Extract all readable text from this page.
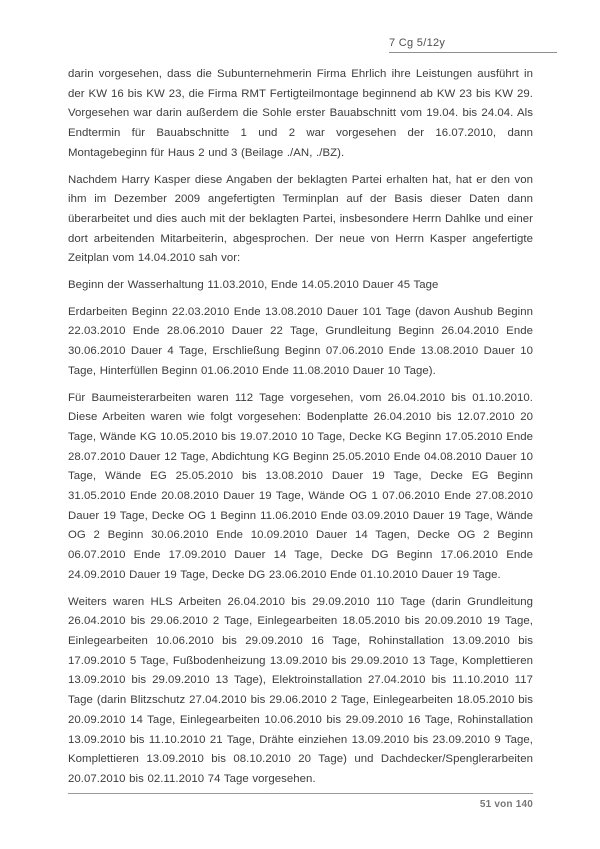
7 Cg 5/12y

darin vorgesehen, dass die Subunternehmerin Firma Ehrlich ihre Leistungen ausführt in der KW 16 bis KW 23, die Firma RMT Fertigteilmontage beginnend ab KW 23 bis KW 29. Vorgesehen war darin außerdem die Sohle erster Bauabschnitt vom 19.04. bis 24.04. Als Endtermin für Bauabschnitte 1 und 2 war vorgesehen der 16.07.2010, dann Montagebeginn für Haus 2 und 3 (Beilage ./AN, ./BZ).

Nachdem Harry Kasper diese Angaben der beklagten Partei erhalten hat, hat er den von ihm im Dezember 2009 angefertigten Terminplan auf der Basis dieser Daten dann überarbeitet und dies auch mit der beklagten Partei, insbesondere Herrn Dahlke und einer dort arbeitenden Mitarbeiterin, abgesprochen. Der neue von Herrn Kasper angefertigte Zeitplan vom 14.04.2010 sah vor:

Beginn der Wasserhaltung 11.03.2010, Ende 14.05.2010 Dauer 45 Tage

Erdarbeiten Beginn 22.03.2010 Ende 13.08.2010 Dauer 101 Tage (davon Aushub Beginn 22.03.2010 Ende 28.06.2010 Dauer 22 Tage, Grundleitung Beginn 26.04.2010 Ende 30.06.2010 Dauer 4 Tage, Erschließung Beginn 07.06.2010 Ende 13.08.2010 Dauer 10 Tage, Hinterfüllen Beginn 01.06.2010 Ende 11.08.2010 Dauer 10 Tage).

Für Baumeisterarbeiten waren 112 Tage vorgesehen, vom 26.04.2010 bis 01.10.2010. Diese Arbeiten waren wie folgt vorgesehen: Bodenplatte 26.04.2010 bis 12.07.2010 20 Tage, Wände KG 10.05.2010 bis 19.07.2010 10 Tage, Decke KG Beginn 17.05.2010 Ende 28.07.2010 Dauer 12 Tage, Abdichtung KG Beginn 25.05.2010 Ende 04.08.2010 Dauer 10 Tage, Wände EG 25.05.2010 bis 13.08.2010 Dauer 19 Tage, Decke EG Beginn 31.05.2010 Ende 20.08.2010 Dauer 19 Tage, Wände OG 1 07.06.2010 Ende 27.08.2010 Dauer 19 Tage, Decke OG 1 Beginn 11.06.2010 Ende 03.09.2010 Dauer 19 Tage, Wände OG 2 Beginn 30.06.2010 Ende 10.09.2010 Dauer 14 Tagen, Decke OG 2 Beginn 06.07.2010 Ende 17.09.2010 Dauer 14 Tage, Decke DG Beginn 17.06.2010 Ende 24.09.2010 Dauer 19 Tage, Decke DG 23.06.2010 Ende 01.10.2010 Dauer 19 Tage.

Weiters waren HLS Arbeiten 26.04.2010 bis 29.09.2010 110 Tage (darin Grundleitung 26.04.2010 bis 29.06.2010 2 Tage, Einlegearbeiten 18.05.2010 bis 20.09.2010 19 Tage, Einlegearbeiten 10.06.2010 bis 29.09.2010 16 Tage, Rohinstallation 13.09.2010 bis 17.09.2010 5 Tage, Fußbodenheizung 13.09.2010 bis 29.09.2010 13 Tage, Komplettieren 13.09.2010 bis 29.09.2010 13 Tage), Elektroinstallation 27.04.2010 bis 11.10.2010 117 Tage (darin Blitzschutz 27.04.2010 bis 29.06.2010 2 Tage, Einlegearbeiten 18.05.2010 bis 20.09.2010 14 Tage, Einlegearbeiten 10.06.2010 bis 29.09.2010 16 Tage, Rohinstallation 13.09.2010 bis 11.10.2010 21 Tage, Drähte einziehen 13.09.2010 bis 23.09.2010 9 Tage, Komplettieren 13.09.2010 bis 08.10.2010 20 Tage) und Dachdecker/Spenglerarbeiten 20.07.2010 bis 02.11.2010 74 Tage vorgesehen.

51 von 140
